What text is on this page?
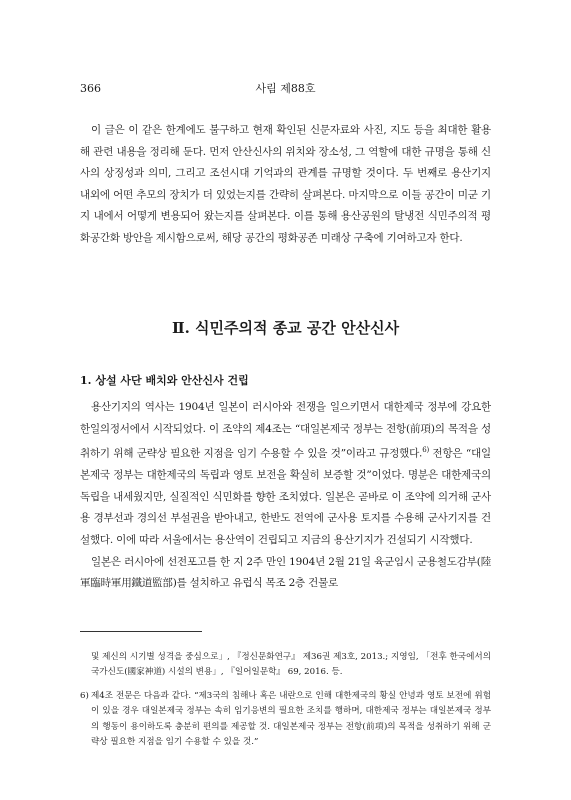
366	사림 제88호

이 글은 이 같은 한계에도 불구하고 현재 확인된 신문자료와 사진, 지도 등을 최대한 활용해 관련 내용을 정리해 둔다. 먼저 안산신사의 위치와 장소성, 그 역할에 대한 규명을 통해 신사의 상징성과 의미, 그리고 조선시대 기억과의 관계를 규명할 것이다. 두 번째로 용산기지 내외에 어떤 추모의 장치가 더 있었는지를 간략히 살펴본다. 마지막으로 이들 공간이 미군 기지 내에서 어떻게 변용되어 왔는지를 살펴본다. 이를 통해 용산공원의 탈냉전 식민주의적 평화공간화 방안을 제시함으로써, 해당 공간의 평화공존 미래상 구축에 기여하고자 한다.

Ⅱ. 식민주의적 종교 공간 안산신사
1. 상설 사단 배치와 안산신사 건립

용산기지의 역사는 1904년 일본이 러시아와 전쟁을 일으키면서 대한제국 정부에 강요한 한일의정서에서 시작되었다. 이 조약의 제4조는 “대일본제국 정부는 전항(前項)의 목적을 성취하기 위해 군략상 필요한 지점을 임기 수용할 수 있을 것”이라고 규정했다.$^{6)}$ 전항은 “대일본제국 정부는 대한제국의 독립과 영토 보전을 확실히 보증할 것”이었다. 명분은 대한제국의 독립을 내세웠지만, 실질적인 식민화를 향한 조치였다. 일본은 곧바로 이 조약에 의거해 군사용 경부선과 경의선 부설권을 받아내고, 한반도 전역에 군사용 토지를 수용해 군사기지를 건설했다. 이에 따라 서울에서는 용산역이 건립되고 지금의 용산기지가 건설되기 시작했다.

일본은 러시아에 선전포고를 한 지 2주 만인 1904년 2월 21일 육군임시 군용철도감부(陸軍臨時軍用鐵道監部)를 설치하고 유럽식 목조 2층 건물로

및 제신의 시기별 성격을 중심으로」, 『정신문화연구』 제36권 제3호, 2013.; 지영임, 「전후 한국에서의 국가신도(國家神道) 시설의 변용」, 『일어일문학』 69, 2016. 등.

6) 제4조 전문은 다음과 같다. “제3국의 침해나 혹은 내란으로 인해 대한제국의 황실 안녕과 영토 보전에 위험이 있을 경우 대일본제국 정부는 속히 임기응변의 필요한 조치를 행하며, 대한제국 정부는 대일본제국 정부의 행동이 용이하도록 충분히 편의를 제공할 것. 대일본제국 정부는 전항(前項)의 목적을 성취하기 위해 군략상 필요한 지점을 임기 수용할 수 있을 것.”
